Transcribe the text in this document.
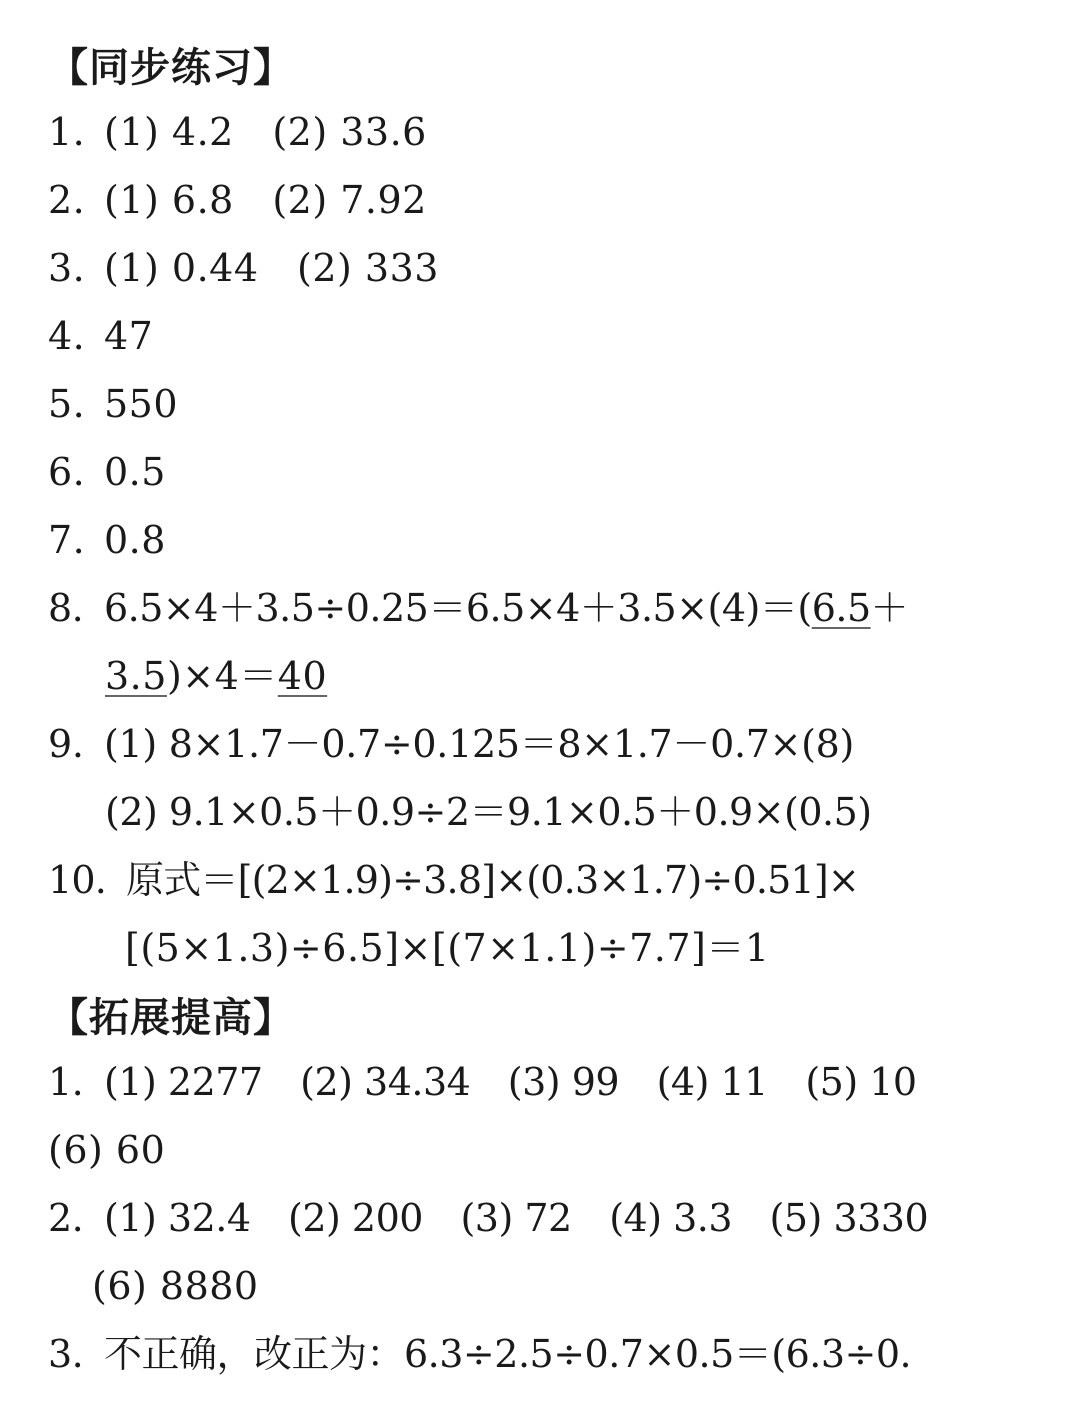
【同步练习】
1. (1) 4.2　(2) 33.6
2. (1) 6.8　(2) 7.92
3. (1) 0.44　(2) 333
4. 47
5. 550
6. 0.5
7. 0.8
8. 6.5×4＋3.5÷0.25＝6.5×4＋3.5×(4)＝(6.5＋
3.5)×4＝40
9. (1) 8×1.7－0.7÷0.125＝8×1.7－0.7×(8)
(2) 9.1×0.5＋0.9÷2＝9.1×0.5＋0.9×(0.5)
10. 原式＝[(2×1.9)÷3.8]×(0.3×1.7)÷0.51]×
[(5×1.3)÷6.5]×[(7×1.1)÷7.7]＝1
【拓展提高】
1. (1) 2277　(2) 34.34　(3) 99　(4) 11　(5) 10
(6) 60
2. (1) 32.4　(2) 200　(3) 72　(4) 3.3　(5) 3330
(6) 8880
3. 不正确，改正为：6.3÷2.5÷0.7×0.5＝(6.3÷0.
